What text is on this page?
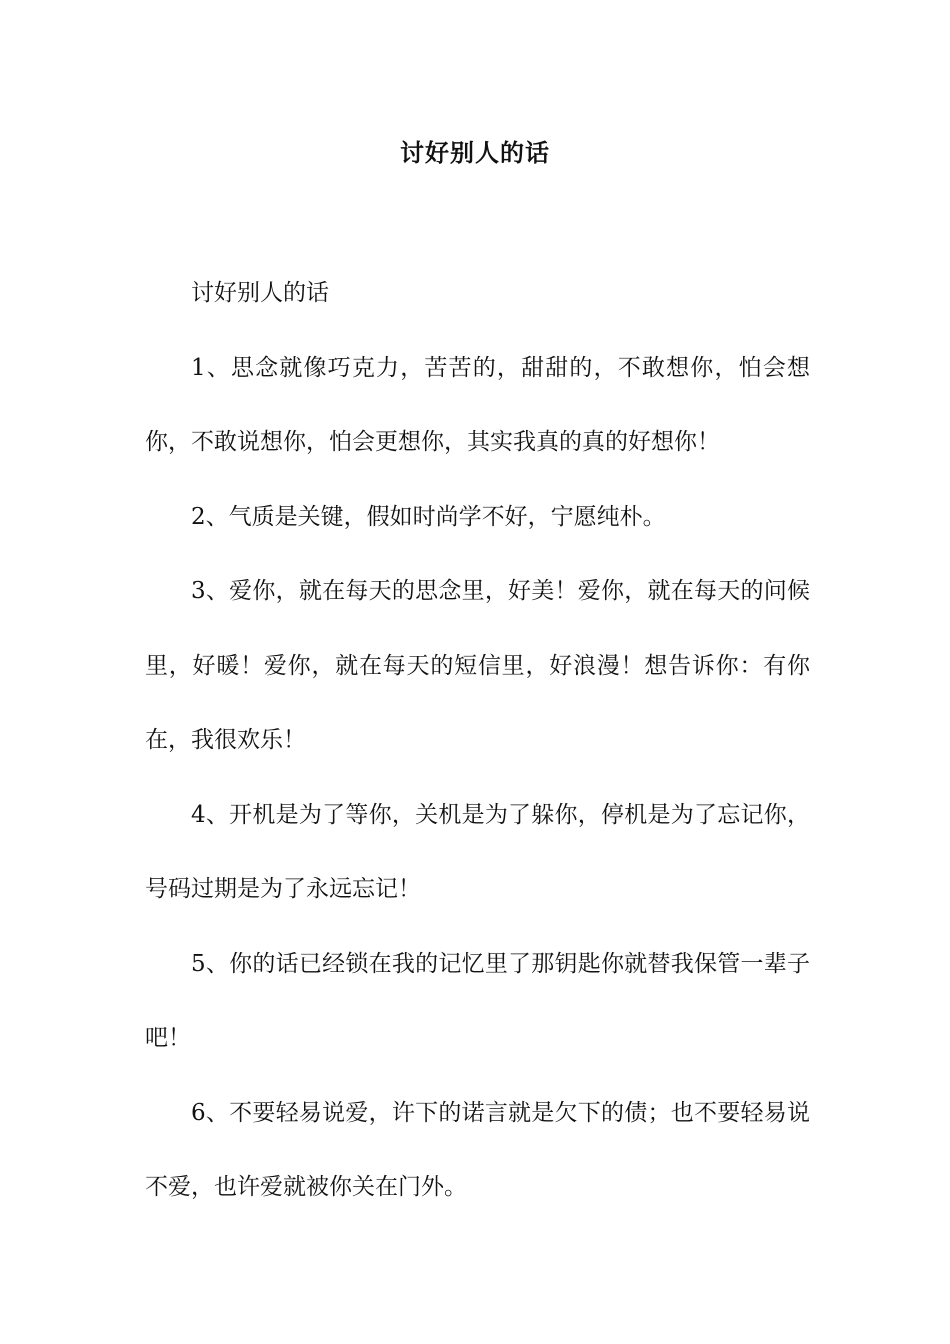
讨好别人的话

讨好别人的话

1、思念就像巧克力，苦苦的，甜甜的，不敢想你，怕会想你，不敢说想你，怕会更想你，其实我真的真的好想你！

2、气质是关键，假如时尚学不好，宁愿纯朴。

3、爱你，就在每天的思念里，好美！爱你，就在每天的问候里，好暖！爱你，就在每天的短信里，好浪漫！想告诉你：有你在，我很欢乐！

4、开机是为了等你，关机是为了躲你，停机是为了忘记你，号码过期是为了永远忘记！

5、你的话已经锁在我的记忆里了那钥匙你就替我保管一辈子吧！

6、不要轻易说爱，许下的诺言就是欠下的债；也不要轻易说不爱，也许爱就被你关在门外。
